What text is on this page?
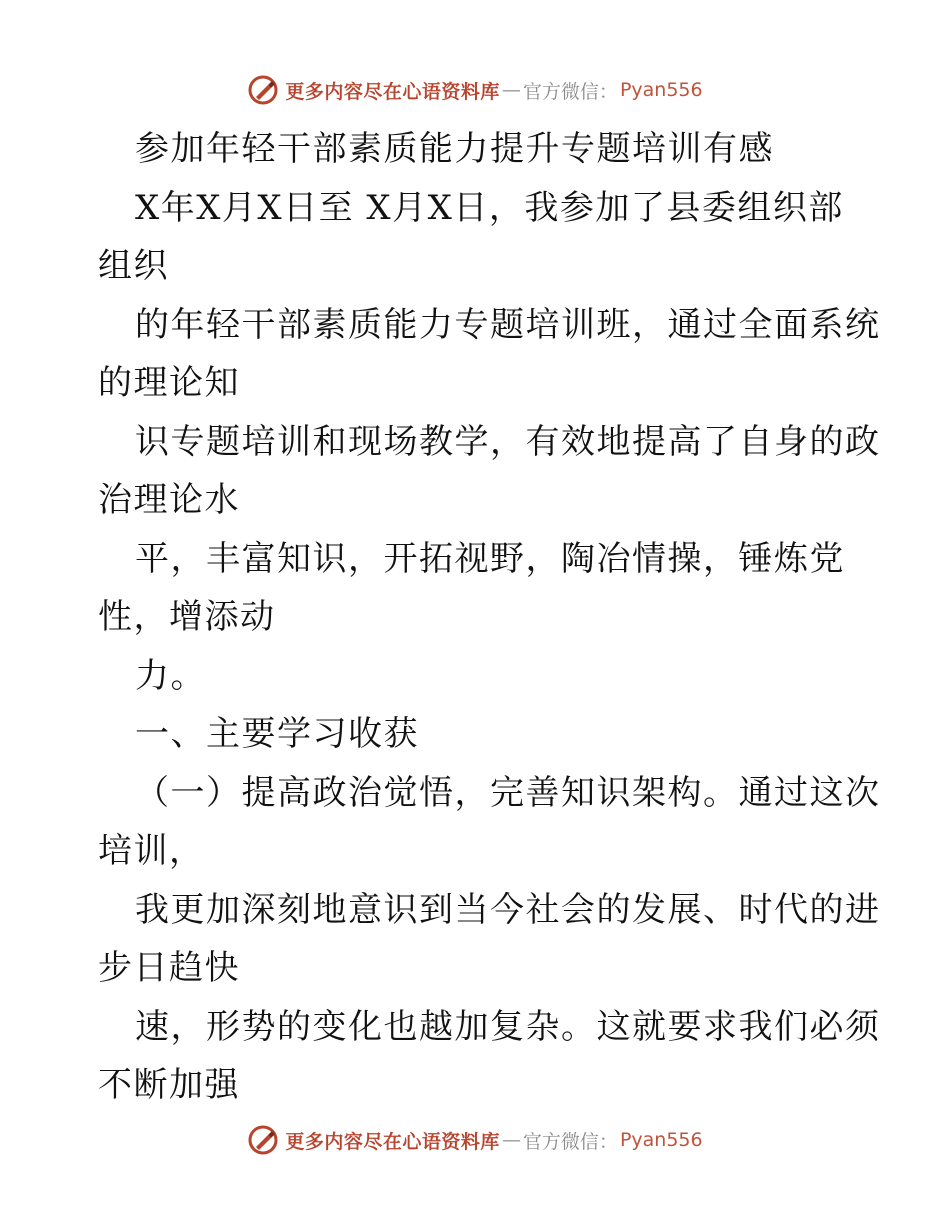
更多内容尽在心语资料库 — 官方微信： Pyan556
参加年轻干部素质能力提升专题培训有感
X年X月X日至 X月X日，我参加了县委组织部
组织
的年轻干部素质能力专题培训班，通过全面系统
的理论知
识专题培训和现场教学，有效地提高了自身的政
治理论水
平，丰富知识，开拓视野，陶冶情操，锤炼党
性，增添动
力。
一、主要学习收获
（一）提高政治觉悟，完善知识架构。通过这次
培训，
我更加深刻地意识到当今社会的发展、时代的进
步日趋快
速，形势的变化也越加复杂。这就要求我们必须
不断加强
更多内容尽在心语资料库 — 官方微信： Pyan556
